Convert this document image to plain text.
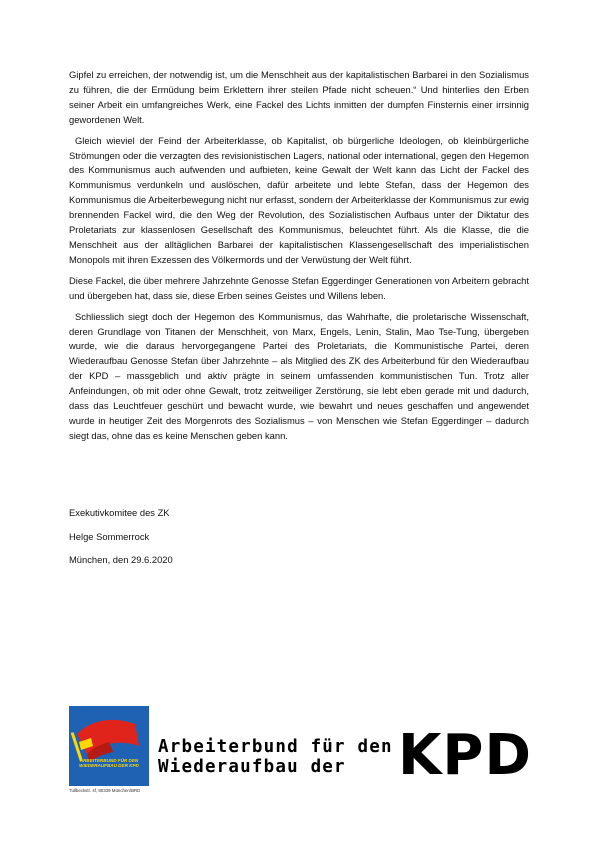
Gipfel zu erreichen, der notwendig ist, um die Menschheit aus der kapitalistischen Barbarei in den Sozialismus zu führen, die der Ermüdung beim Erklettern ihrer steilen Pfade nicht scheuen.“ Und hinterlies den Erben seiner Arbeit ein umfangreiches Werk, eine Fackel des Lichts inmitten der dumpfen Finsternis einer irrsinnig gewordenen Welt.

Gleich wieviel der Feind der Arbeiterklasse, ob Kapitalist, ob bürgerliche Ideologen, ob kleinbürgerliche Strömungen oder die verzagten des revisionistischen Lagers, national oder international, gegen den Hegemon des Kommunismus auch aufwenden und aufbieten, keine Gewalt der Welt kann das Licht der Fackel des Kommunismus verdunkeln und auslöschen, dafür arbeitete und lebte Stefan, dass der Hegemon des Kommunismus die Arbeiterbewegung nicht nur erfasst, sondern der Arbeiterklasse der Kommunismus zur ewig brennenden Fackel wird, die den Weg der Revolution, des Sozialistischen Aufbaus unter der Diktatur des Proletariats zur klassenlosen Gesellschaft des Kommunismus, beleuchtet führt. Als die Klasse, die die Menschheit aus der alltäglichen Barbarei der kapitalistischen Klassengesellschaft des imperialistischen Monopols mit ihren Exzessen des Völkermords und der Verwüstung der Welt führt.

Diese Fackel, die über mehrere Jahrzehnte Genosse Stefan Eggerdinger Generationen von Arbeitern gebracht und übergeben hat, dass sie, diese Erben seines Geistes und Willens leben.

Schliesslich siegt doch der Hegemon des Kommunismus, das Wahrhafte, die proletarische Wissenschaft, deren Grundlage von Titanen der Menschheit, von Marx, Engels, Lenin, Stalin, Mao Tse-Tung, übergeben wurde, wie die daraus hervorgegangene Partei des Proletariats, die Kommunistische Partei, deren Wiederaufbau Genosse Stefan über Jahrzehnte – als Mitglied des ZK des Arbeiterbund für den Wiederaufbau der KPD – massgeblich und aktiv prägte in seinem umfassenden kommunistischen Tun. Trotz aller Anfeindungen, ob mit oder ohne Gewalt, trotz zeitweiliger Zerstörung, sie lebt eben gerade mit und dadurch, dass das Leuchtfeuer geschürt und bewacht wurde, wie bewahrt und neues geschaffen und angewendet wurde in heutiger Zeit des Morgenrots des Sozialismus – von Menschen wie Stefan Eggerdinger – dadurch siegt das, ohne das es keine Menschen geben kann.

Exekutivkomitee des ZK
Helge Sommerrock
München, den 29.6.2020
ARBEITERBUND FÜR DEN WIEDERAUFBAU DER KPD
Tullbeckstr. 4f, 80339 München/BRD
Arbeiterbund für den
Wiederaufbau der KPD
